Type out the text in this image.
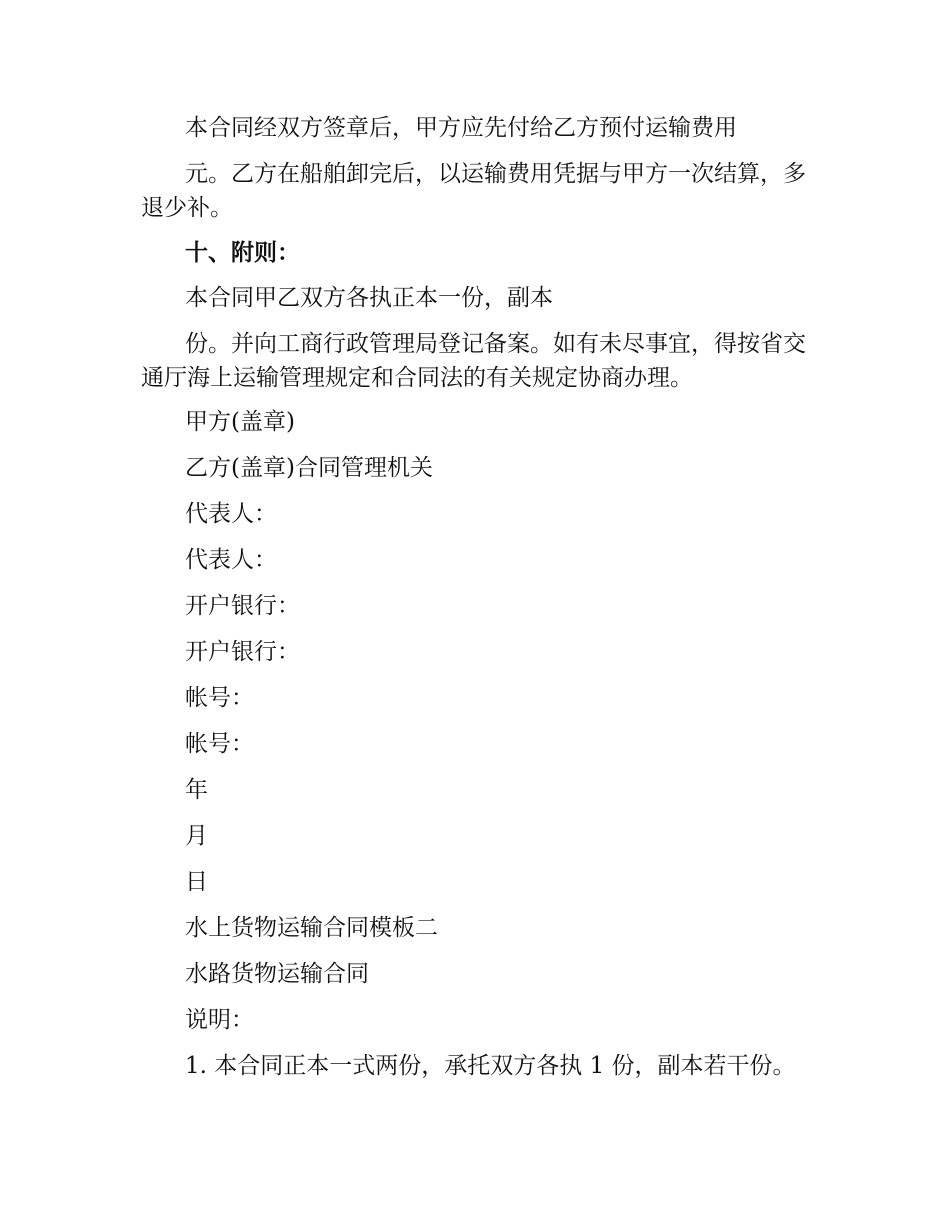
本合同经双方签章后，甲方应先付给乙方预付运输费用

元。乙方在船舶卸完后，以运输费用凭据与甲方一次结算，多退少补。

十、附则：

本合同甲乙双方各执正本一份，副本

份。并向工商行政管理局登记备案。如有未尽事宜，得按省交通厅海上运输管理规定和合同法的有关规定协商办理。

甲方(盖章)

乙方(盖章)合同管理机关

代表人：

代表人：

开户银行：

开户银行：

帐号：

帐号：

年

月

日

水上货物运输合同模板二

水路货物运输合同

说明：

1. 本合同正本一式两份，承托双方各执 1 份，副本若干份。
